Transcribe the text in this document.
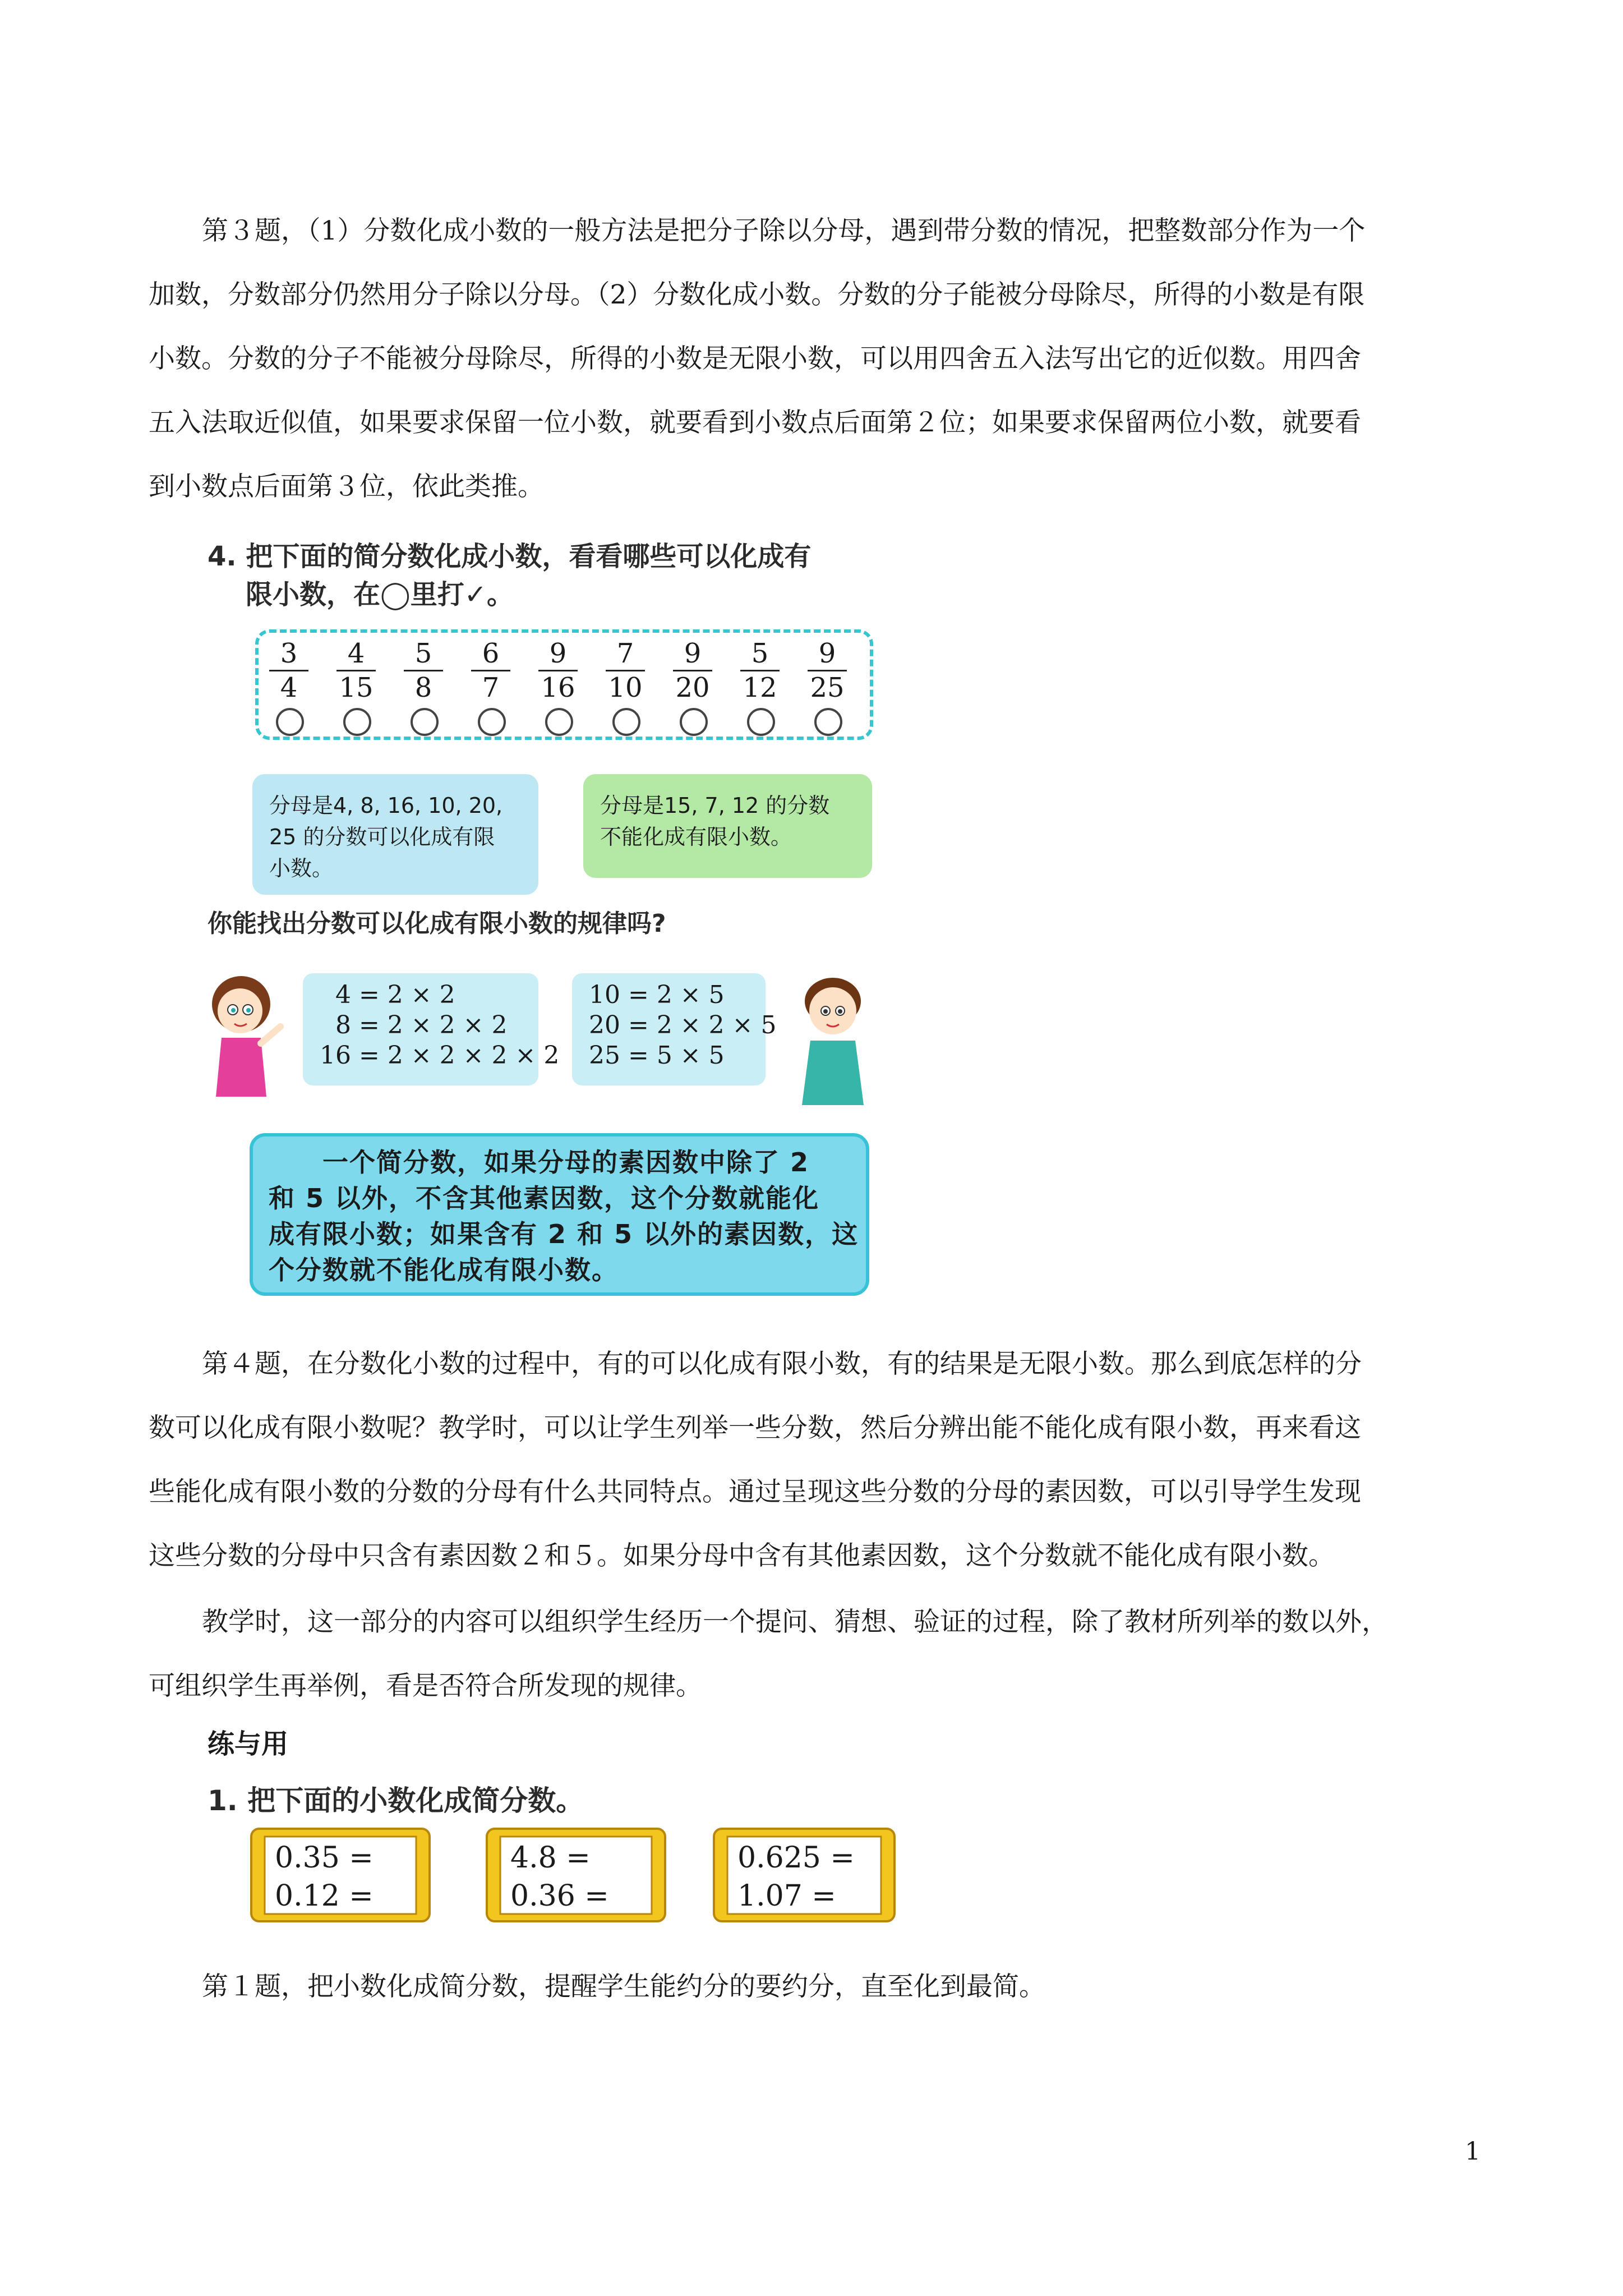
第３题，（1）分数化成小数的一般方法是把分子除以分母，遇到带分数的情况，把整数部分作为一个
加数，分数部分仍然用分子除以分母。（2）分数化成小数。分数的分子能被分母除尽，所得的小数是有限
小数。分数的分子不能被分母除尽，所得的小数是无限小数，可以用四舍五入法写出它的近似数。用四舍
五入法取近似值，如果要求保留一位小数，就要看到小数点后面第２位；如果要求保留两位小数，就要看
到小数点后面第３位，依此类推。
4. 把下面的简分数化成小数，看看哪些可以化成有
限小数，在◯里打✓。
3
4
4
15
5
8
6
7
9
16
7
10
9
20
5
12
9
25
分母是4, 8, 16, 10, 20,
25 的分数可以化成有限
小数。
分母是15, 7, 12 的分数
不能化成有限小数。
你能找出分数可以化成有限小数的规律吗?
4 = 2 × 2
8 = 2 × 2 × 2
16 = 2 × 2 × 2 × 2
10 = 2 × 5
20 = 2 × 2 × 5
25 = 5 × 5
　　一个简分数，如果分母的素因数中除了 2
和 5 以外，不含其他素因数，这个分数就能化
成有限小数；如果含有 2 和 5 以外的素因数，这
个分数就不能化成有限小数。
第４题，在分数化小数的过程中，有的可以化成有限小数，有的结果是无限小数。那么到底怎样的分
数可以化成有限小数呢？教学时，可以让学生列举一些分数，然后分辨出能不能化成有限小数，再来看这
些能化成有限小数的分数的分母有什么共同特点。通过呈现这些分数的分母的素因数，可以引导学生发现
这些分数的分母中只含有素因数２和５。如果分母中含有其他素因数，这个分数就不能化成有限小数。
教学时，这一部分的内容可以组织学生经历一个提问、猜想、验证的过程，除了教材所列举的数以外，
可组织学生再举例，看是否符合所发现的规律。
练与用
1. 把下面的小数化成简分数。
0.35 =
0.12 =
4.8 =
0.36 =
0.625 =
1.07 =
第１题，把小数化成简分数，提醒学生能约分的要约分，直至化到最简。
1
